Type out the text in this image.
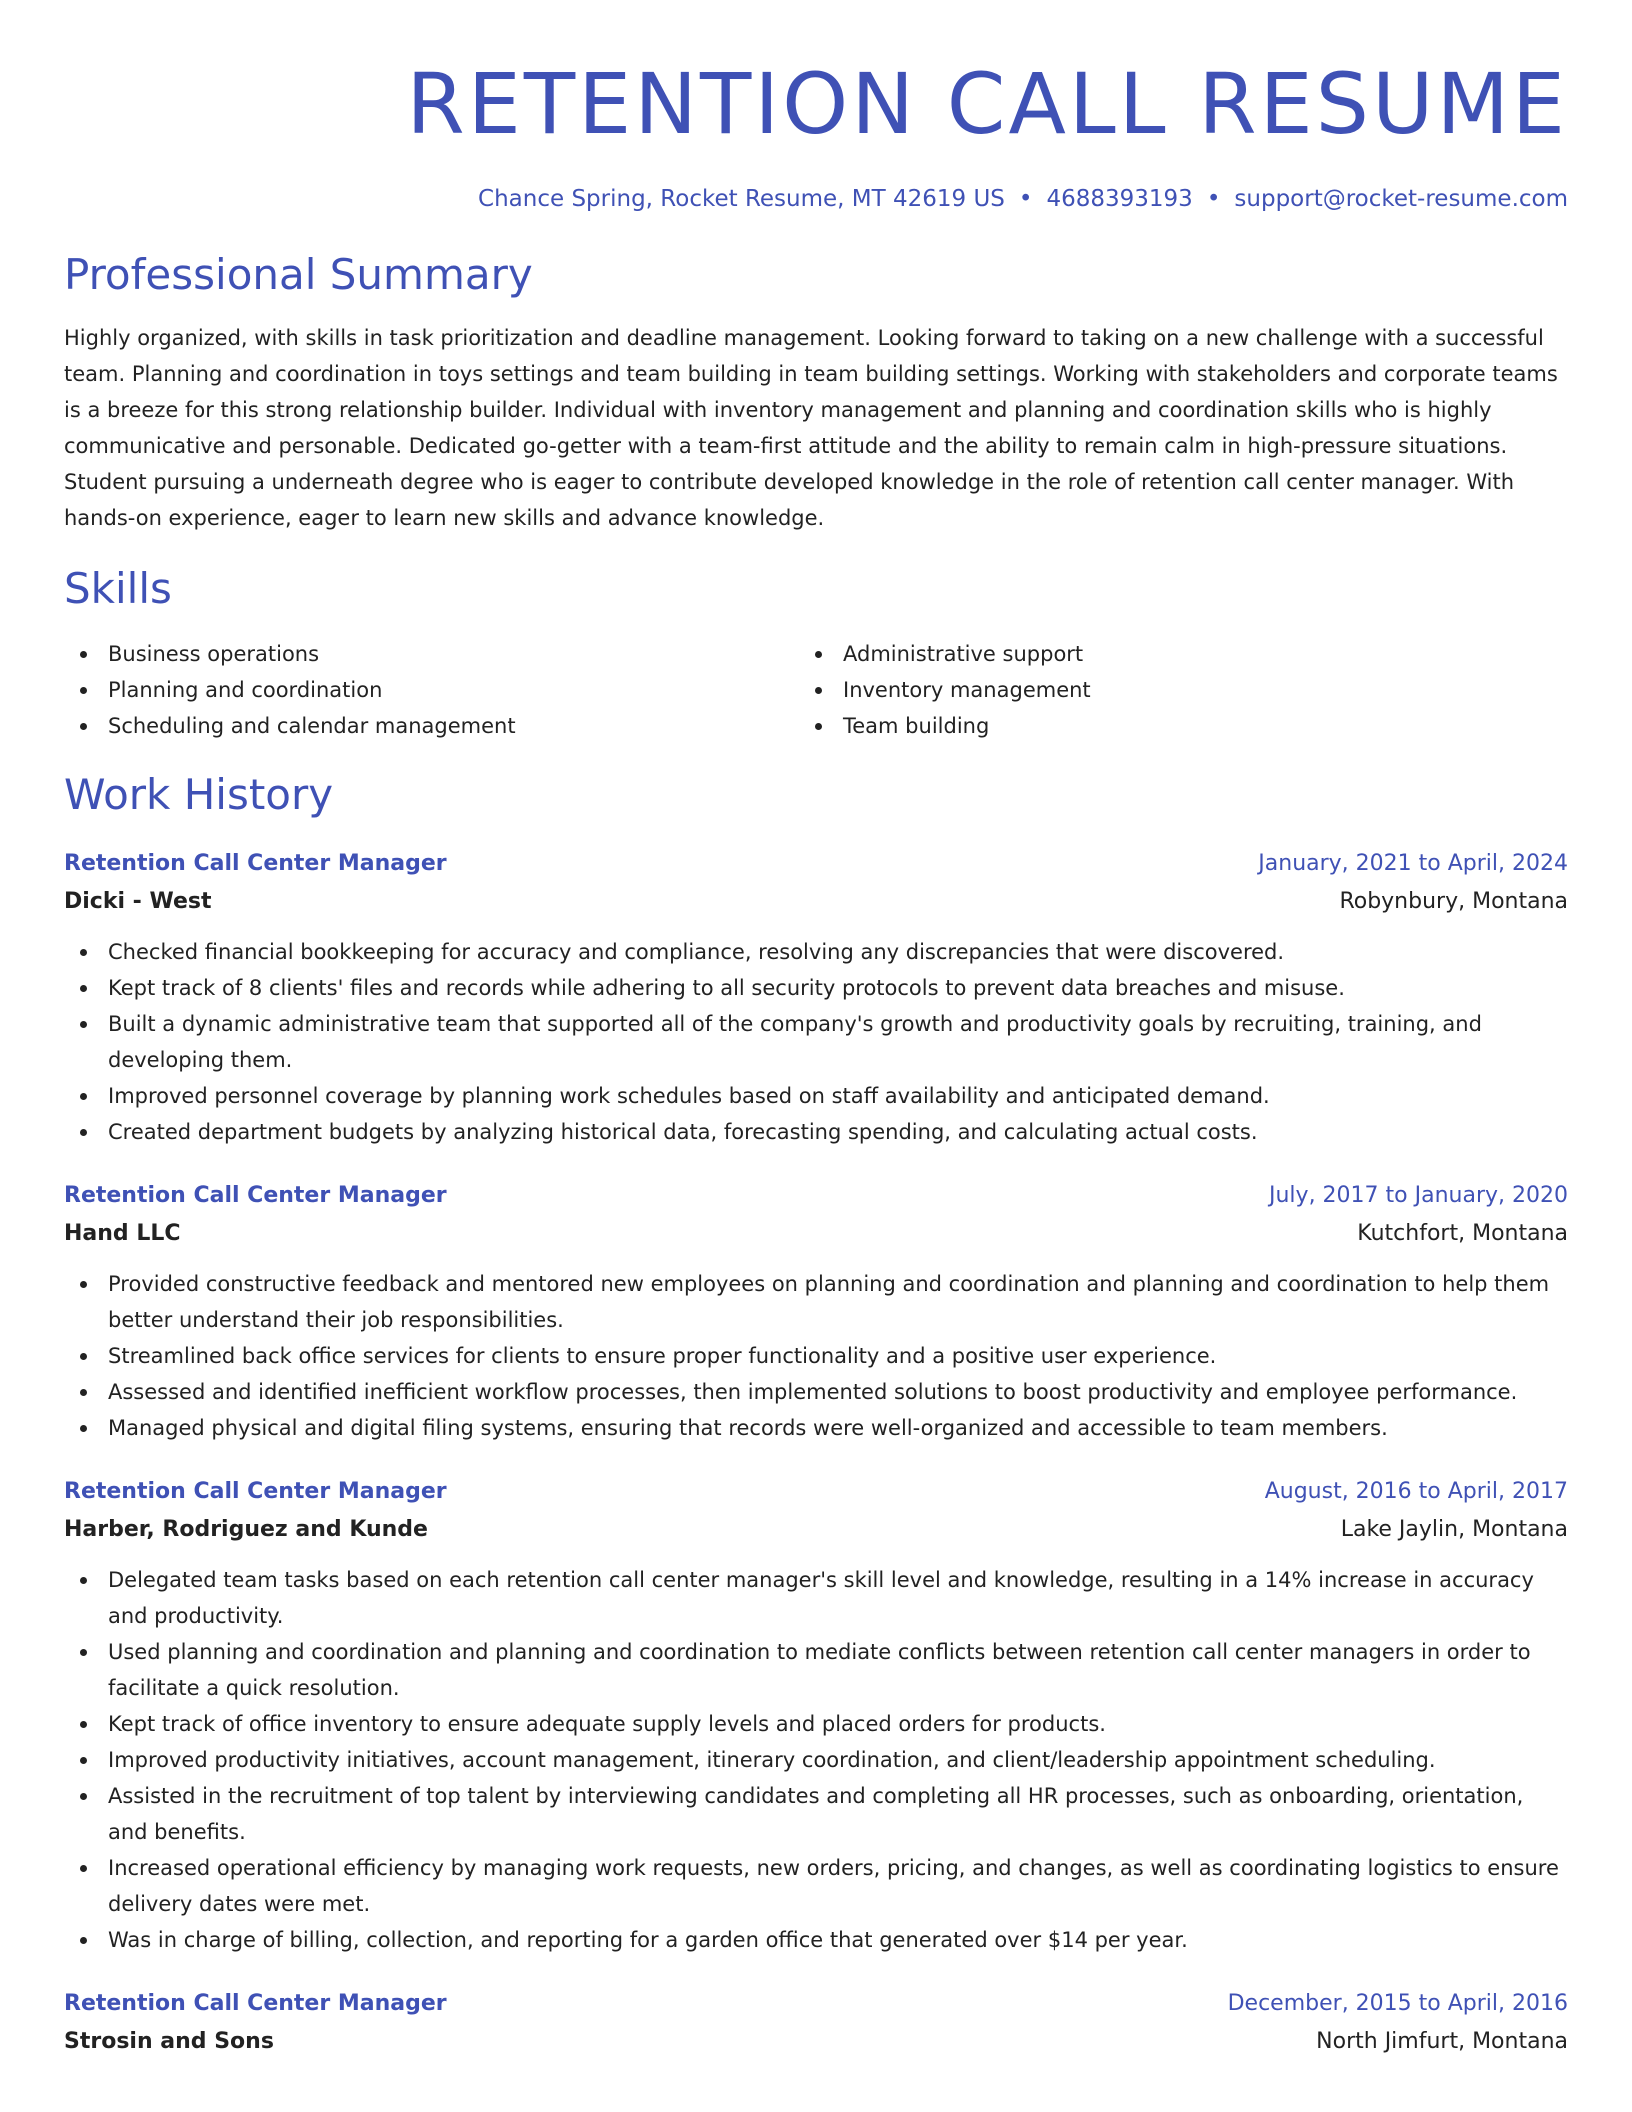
RETENTION CALL RESUME
Chance Spring, Rocket Resume, MT 42619 US • 4688393193 • support@rocket-resume.com
Professional Summary
Highly organized, with skills in task prioritization and deadline management. Looking forward to taking on a new challenge with a successful team. Planning and coordination in toys settings and team building in team building settings. Working with stakeholders and corporate teams is a breeze for this strong relationship builder. Individual with inventory management and planning and coordination skills who is highly communicative and personable. Dedicated go-getter with a team-first attitude and the ability to remain calm in high-pressure situations. Student pursuing a underneath degree who is eager to contribute developed knowledge in the role of retention call center manager. With hands-on experience, eager to learn new skills and advance knowledge.
Skills
Business operations
Planning and coordination
Scheduling and calendar management
Administrative support
Inventory management
Team building
Work History
Retention Call Center Manager	January, 2021 to April, 2024
Dicki - West	Robynbury, Montana
Checked financial bookkeeping for accuracy and compliance, resolving any discrepancies that were discovered.
Kept track of 8 clients' files and records while adhering to all security protocols to prevent data breaches and misuse.
Built a dynamic administrative team that supported all of the company's growth and productivity goals by recruiting, training, and developing them.
Improved personnel coverage by planning work schedules based on staff availability and anticipated demand.
Created department budgets by analyzing historical data, forecasting spending, and calculating actual costs.
Retention Call Center Manager	July, 2017 to January, 2020
Hand LLC	Kutchfort, Montana
Provided constructive feedback and mentored new employees on planning and coordination and planning and coordination to help them better understand their job responsibilities.
Streamlined back office services for clients to ensure proper functionality and a positive user experience.
Assessed and identified inefficient workflow processes, then implemented solutions to boost productivity and employee performance.
Managed physical and digital filing systems, ensuring that records were well-organized and accessible to team members.
Retention Call Center Manager	August, 2016 to April, 2017
Harber, Rodriguez and Kunde	Lake Jaylin, Montana
Delegated team tasks based on each retention call center manager's skill level and knowledge, resulting in a 14% increase in accuracy and productivity.
Used planning and coordination and planning and coordination to mediate conflicts between retention call center managers in order to facilitate a quick resolution.
Kept track of office inventory to ensure adequate supply levels and placed orders for products.
Improved productivity initiatives, account management, itinerary coordination, and client/leadership appointment scheduling.
Assisted in the recruitment of top talent by interviewing candidates and completing all HR processes, such as onboarding, orientation, and benefits.
Increased operational efficiency by managing work requests, new orders, pricing, and changes, as well as coordinating logistics to ensure delivery dates were met.
Was in charge of billing, collection, and reporting for a garden office that generated over $14 per year.
Retention Call Center Manager	December, 2015 to April, 2016
Strosin and Sons	North Jimfurt, Montana
